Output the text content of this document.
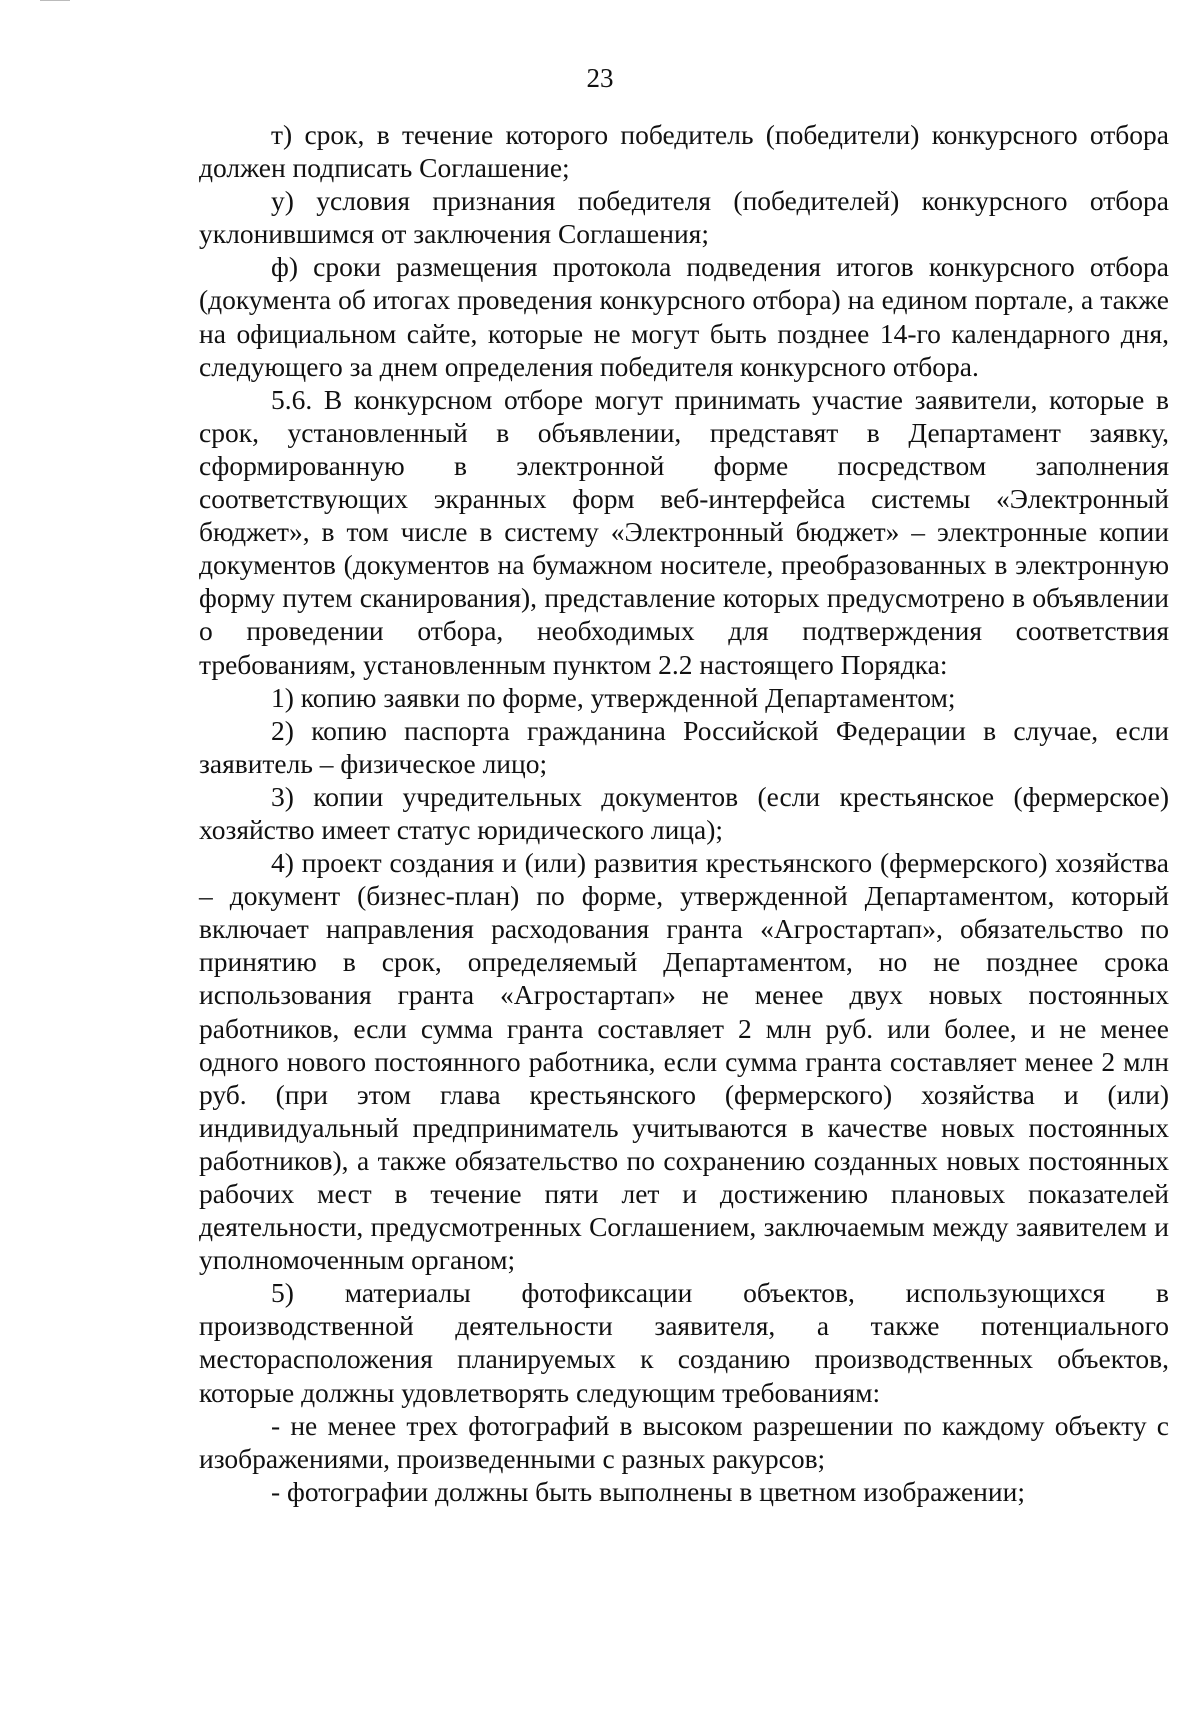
23

т) срок, в течение которого победитель (победители) конкурсного отбора должен подписать Соглашение;

у) условия признания победителя (победителей) конкурсного отбора уклонившимся от заключения Соглашения;

ф) сроки размещения протокола подведения итогов конкурсного отбора (документа об итогах проведения конкурсного отбора) на едином портале, а также на официальном сайте, которые не могут быть позднее 14-го календарного дня, следующего за днем определения победителя конкурсного отбора.

5.6. В конкурсном отборе могут принимать участие заявители, которые в срок, установленный в объявлении, представят в Департамент заявку, сформированную в электронной форме посредством заполнения соответствующих экранных форм веб-интерфейса системы «Электронный бюджет», в том числе в систему «Электронный бюджет» – электронные копии документов (документов на бумажном носителе, преобразованных в электронную форму путем сканирования), представление которых предусмотрено в объявлении о проведении отбора, необходимых для подтверждения соответствия требованиям, установленным пунктом 2.2 настоящего Порядка:

1) копию заявки по форме, утвержденной Департаментом;

2) копию паспорта гражданина Российской Федерации в случае, если заявитель – физическое лицо;

3) копии учредительных документов (если крестьянское (фермерское) хозяйство имеет статус юридического лица);

4) проект создания и (или) развития крестьянского (фермерского) хозяйства – документ (бизнес-план) по форме, утвержденной Департаментом, который включает направления расходования гранта «Агростартап», обязательство по принятию в срок, определяемый Департаментом, но не позднее срока использования гранта «Агростартап» не менее двух новых постоянных работников, если сумма гранта составляет 2 млн руб. или более, и не менее одного нового постоянного работника, если сумма гранта составляет менее 2 млн руб. (при этом глава крестьянского (фермерского) хозяйства и (или) индивидуальный предприниматель учитываются в качестве новых постоянных работников), а также обязательство по сохранению созданных новых постоянных рабочих мест в течение пяти лет и достижению плановых показателей деятельности, предусмотренных Соглашением, заключаемым между заявителем и уполномоченным органом;

5) материалы фотофиксации объектов, использующихся в производственной деятельности заявителя, а также потенциального месторасположения планируемых к созданию производственных объектов, которые должны удовлетворять следующим требованиям:

- не менее трех фотографий в высоком разрешении по каждому объекту с изображениями, произведенными с разных ракурсов;

- фотографии должны быть выполнены в цветном изображении;
